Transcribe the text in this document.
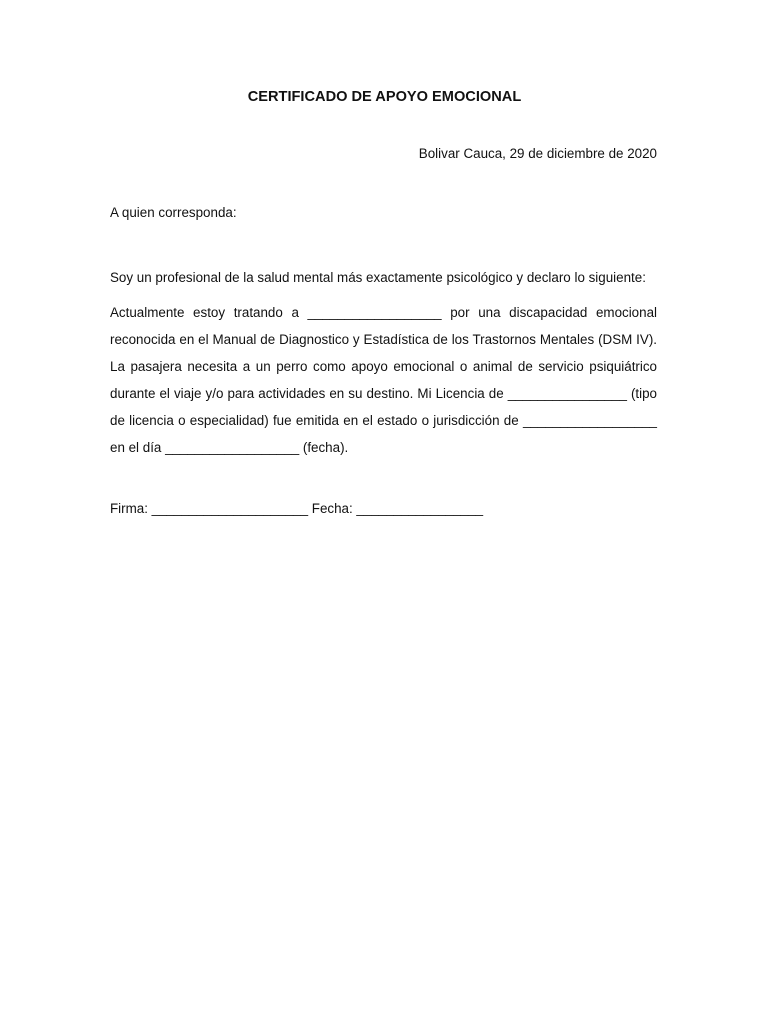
CERTIFICADO DE APOYO EMOCIONAL

Bolivar Cauca, 29 de diciembre de 2020

A quien corresponda:

Soy un profesional de la salud mental más exactamente psicológico y declaro lo siguiente:

Actualmente estoy tratando a __________________ por una discapacidad emocional reconocida en el Manual de Diagnostico y Estadística de los Trastornos Mentales (DSM IV). La pasajera necesita a un perro como apoyo emocional o animal de servicio psiquiátrico durante el viaje y/o para actividades en su destino. Mi Licencia de ________________ (tipo de licencia o especialidad) fue emitida en el estado o jurisdicción de __________________ en el día __________________ (fecha).

Firma: _____________________ Fecha: _________________
